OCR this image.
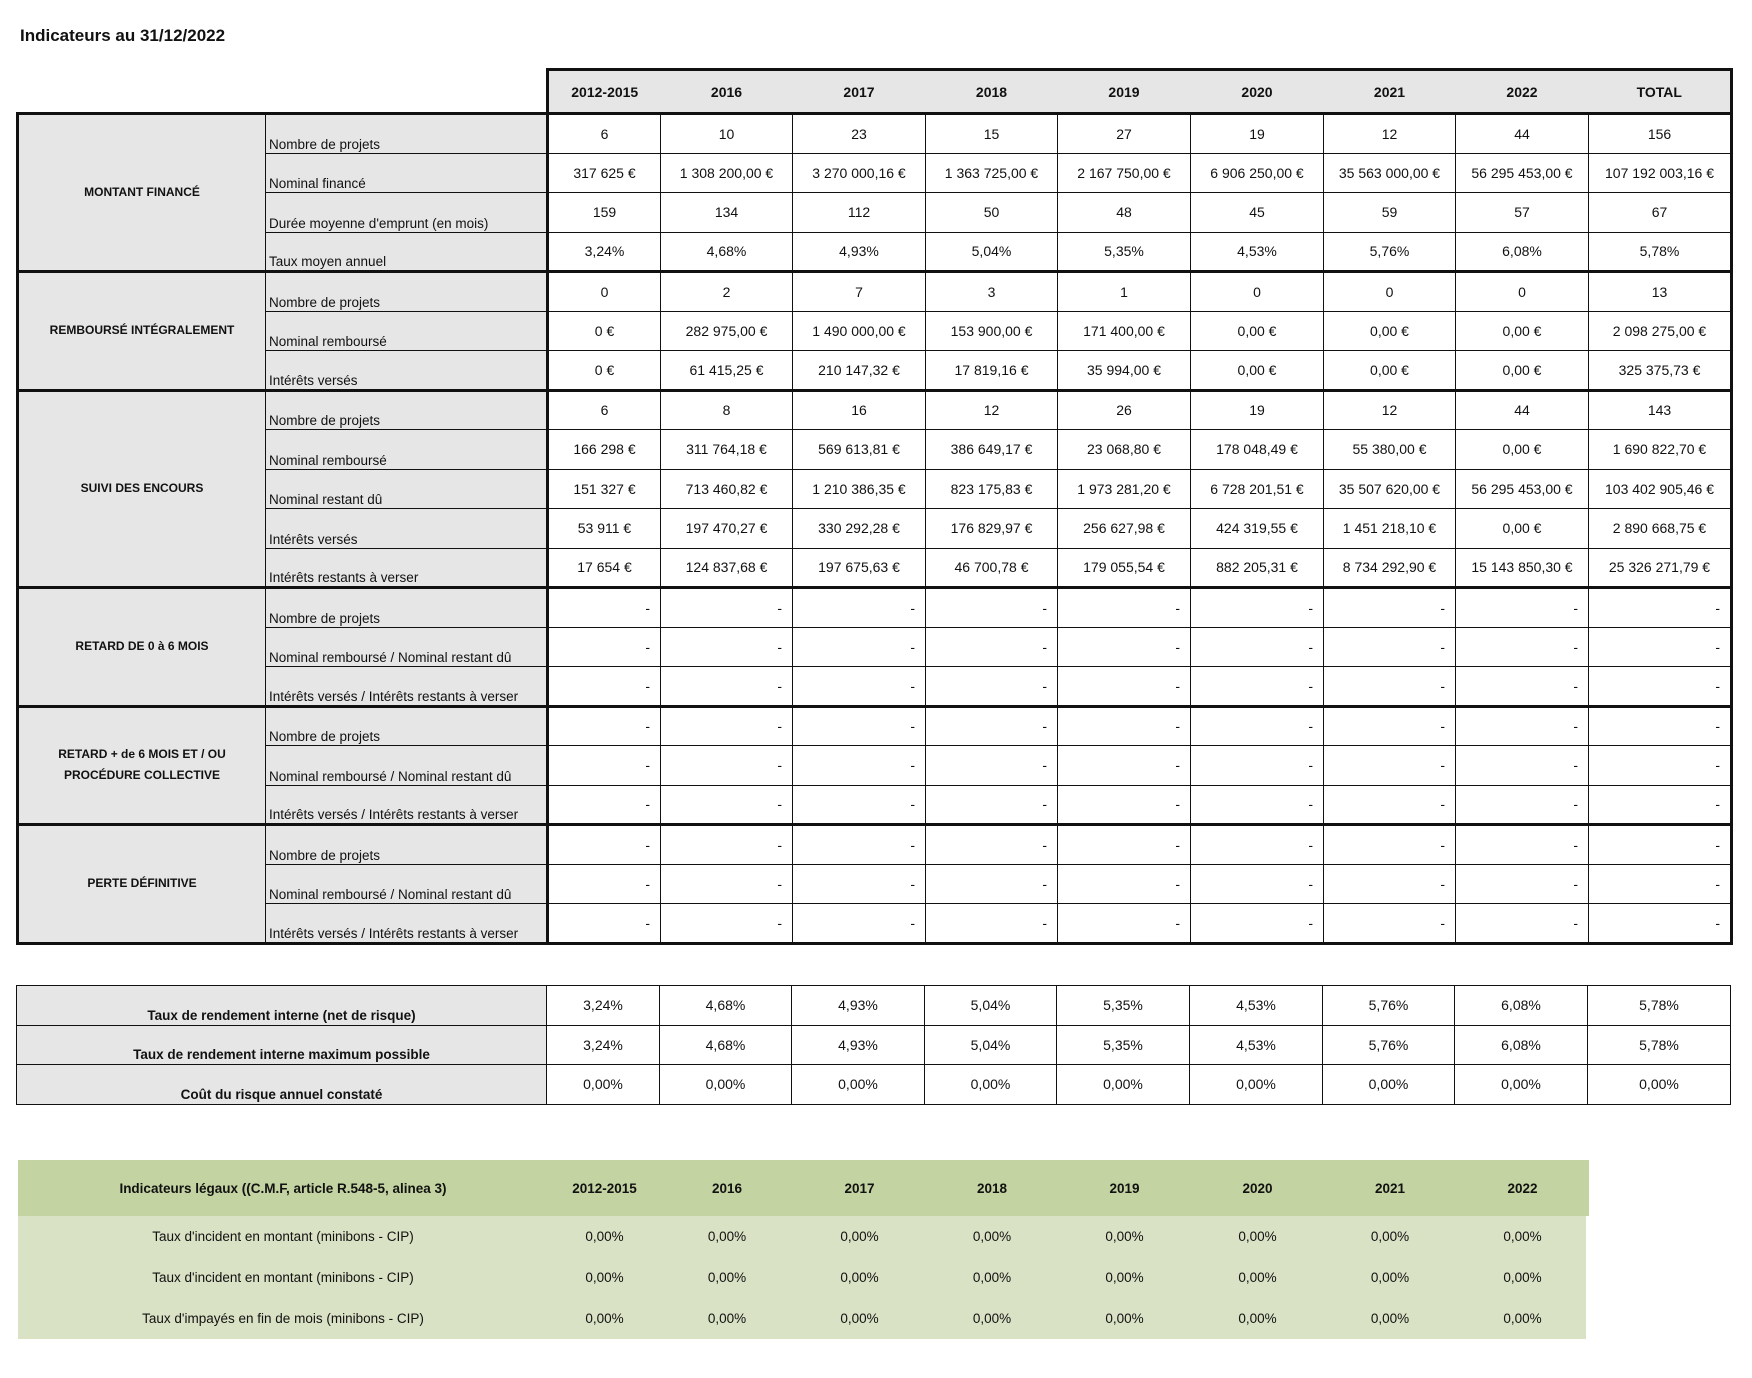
Indicateurs au 31/12/2022
		2012-2015	2016	2017	2018	2019	2020	2021	2022	TOTAL
MONTANT FINANCÉ	Nombre de projets	6	10	23	15	27	19	12	44	156
	Nominal financé	317 625 €	1 308 200,00 €	3 270 000,16 €	1 363 725,00 €	2 167 750,00 €	6 906 250,00 €	35 563 000,00 €	56 295 453,00 €	107 192 003,16 €
	Durée moyenne d'emprunt (en mois)	159	134	112	50	48	45	59	57	67
	Taux moyen annuel	3,24%	4,68%	4,93%	5,04%	5,35%	4,53%	5,76%	6,08%	5,78%
REMBOURSÉ INTÉGRALEMENT	Nombre de projets	0	2	7	3	1	0	0	0	13
	Nominal remboursé	0 €	282 975,00 €	1 490 000,00 €	153 900,00 €	171 400,00 €	0,00 €	0,00 €	0,00 €	2 098 275,00 €
	Intérêts versés	0 €	61 415,25 €	210 147,32 €	17 819,16 €	35 994,00 €	0,00 €	0,00 €	0,00 €	325 375,73 €
SUIVI DES ENCOURS	Nombre de projets	6	8	16	12	26	19	12	44	143
	Nominal remboursé	166 298 €	311 764,18 €	569 613,81 €	386 649,17 €	23 068,80 €	178 048,49 €	55 380,00 €	0,00 €	1 690 822,70 €
	Nominal restant dû	151 327 €	713 460,82 €	1 210 386,35 €	823 175,83 €	1 973 281,20 €	6 728 201,51 €	35 507 620,00 €	56 295 453,00 €	103 402 905,46 €
	Intérêts versés	53 911 €	197 470,27 €	330 292,28 €	176 829,97 €	256 627,98 €	424 319,55 €	1 451 218,10 €	0,00 €	2 890 668,75 €
	Intérêts restants à verser	17 654 €	124 837,68 €	197 675,63 €	46 700,78 €	179 055,54 €	882 205,31 €	8 734 292,90 €	15 143 850,30 €	25 326 271,79 €
RETARD DE 0 à 6 MOIS	Nombre de projets	-	-	-	-	-	-	-	-	-
	Nominal remboursé / Nominal restant dû	-	-	-	-	-	-	-	-	-
	Intérêts versés / Intérêts restants à verser	-	-	-	-	-	-	-	-	-
RETARD + de 6 MOIS ET / OU PROCÉDURE COLLECTIVE	Nombre de projets	-	-	-	-	-	-	-	-	-
	Nominal remboursé / Nominal restant dû	-	-	-	-	-	-	-	-	-
	Intérêts versés / Intérêts restants à verser	-	-	-	-	-	-	-	-	-
PERTE DÉFINITIVE	Nombre de projets	-	-	-	-	-	-	-	-	-
	Nominal remboursé / Nominal restant dû	-	-	-	-	-	-	-	-	-
	Intérêts versés / Intérêts restants à verser	-	-	-	-	-	-	-	-	-
Taux de rendement interne (net de risque)	3,24%	4,68%	4,93%	5,04%	5,35%	4,53%	5,76%	6,08%	5,78%
Taux de rendement interne maximum possible	3,24%	4,68%	4,93%	5,04%	5,35%	4,53%	5,76%	6,08%	5,78%
Coût du risque annuel constaté	0,00%	0,00%	0,00%	0,00%	0,00%	0,00%	0,00%	0,00%	0,00%
Indicateurs légaux ((C.M.F, article R.548-5, alinea 3)	2012-2015	2016	2017	2018	2019	2020	2021	2022
Taux d'incident en montant (minibons - CIP)	0,00%	0,00%	0,00%	0,00%	0,00%	0,00%	0,00%	0,00%
Taux d'incident en montant (minibons - CIP)	0,00%	0,00%	0,00%	0,00%	0,00%	0,00%	0,00%	0,00%
Taux d'impayés en fin de mois (minibons - CIP)	0,00%	0,00%	0,00%	0,00%	0,00%	0,00%	0,00%	0,00%
